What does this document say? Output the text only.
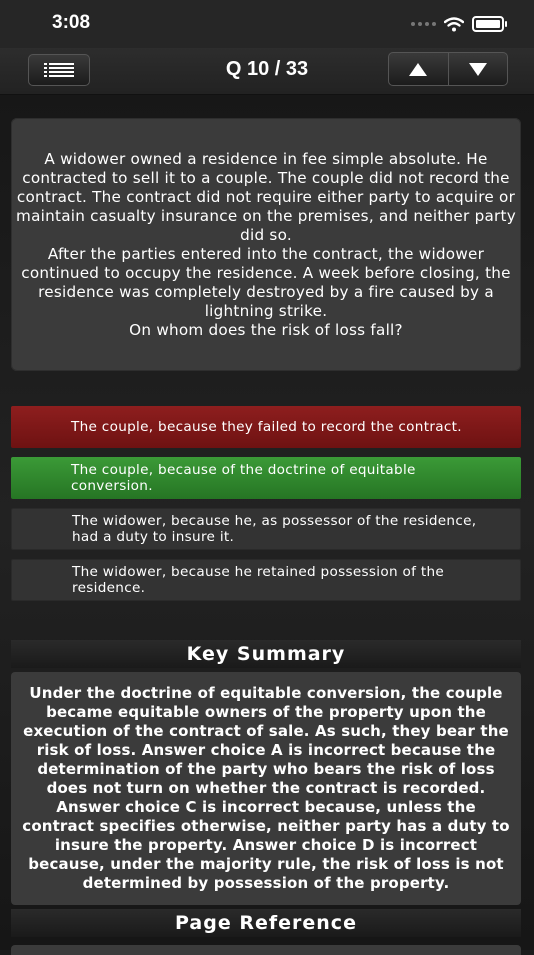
3:08
Q 10 / 33
A widower owned a residence in fee simple absolute. He contracted to sell it to a couple. The couple did not record the contract. The contract did not require either party to acquire or maintain casualty insurance on the premises, and neither party did so.
After the parties entered into the contract, the widower continued to occupy the residence. A week before closing, the residence was completely destroyed by a fire caused by a lightning strike.
On whom does the risk of loss fall?
The couple, because they failed to record the contract.
The couple, because of the doctrine of equitable conversion.
The widower, because he, as possessor of the residence, had a duty to insure it.
The widower, because he retained possession of the residence.
Key Summary
Under the doctrine of equitable conversion, the couple became equitable owners of the property upon the execution of the contract of sale. As such, they bear the risk of loss. Answer choice A is incorrect because the determination of the party who bears the risk of loss does not turn on whether the contract is recorded. Answer choice C is incorrect because, unless the contract specifies otherwise, neither party has a duty to insure the property. Answer choice D is incorrect because, under the majority rule, the risk of loss is not determined by possession of the property.
Page Reference
